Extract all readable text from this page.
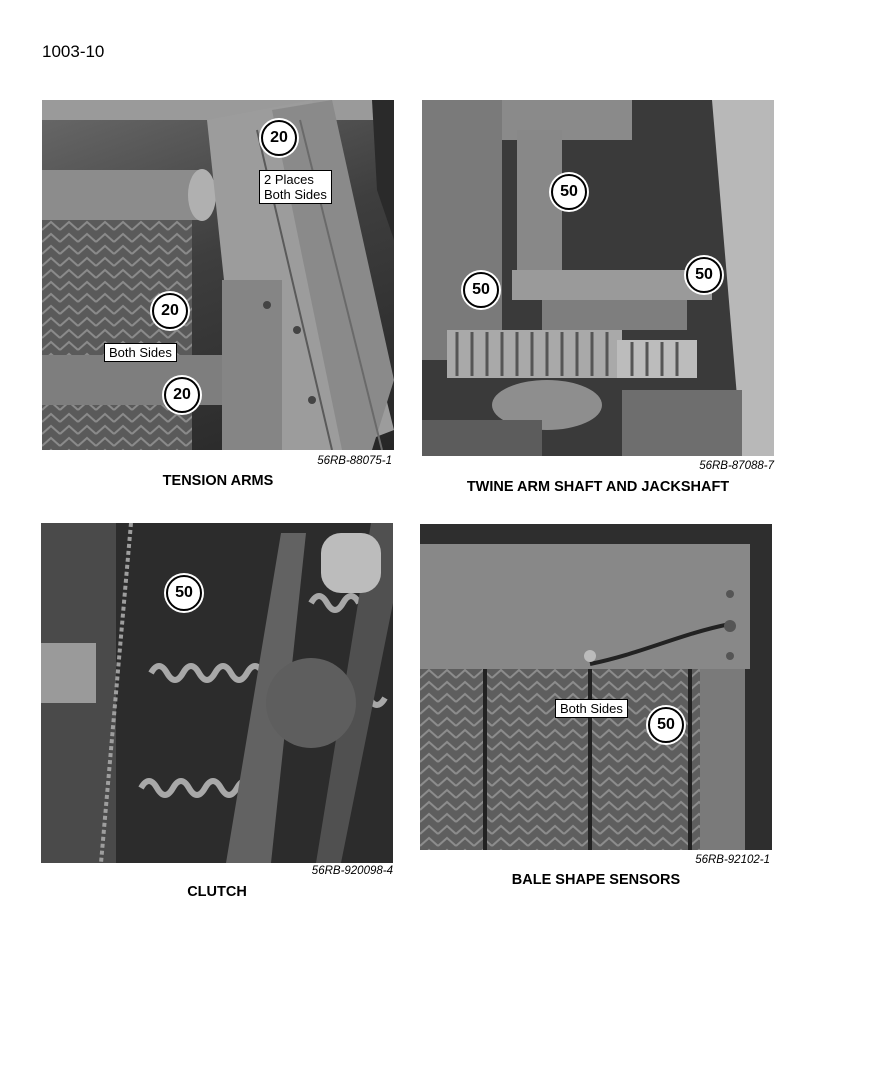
1003-10
2 Places
Both Sides
Both Sides
20
20
20
56RB-88075-1
TENSION ARMS
50
50
50
56RB-87088-7
TWINE ARM SHAFT AND JACKSHAFT
50
56RB-920098-4
CLUTCH
Both Sides
50
56RB-92102-1
BALE SHAPE SENSORS
